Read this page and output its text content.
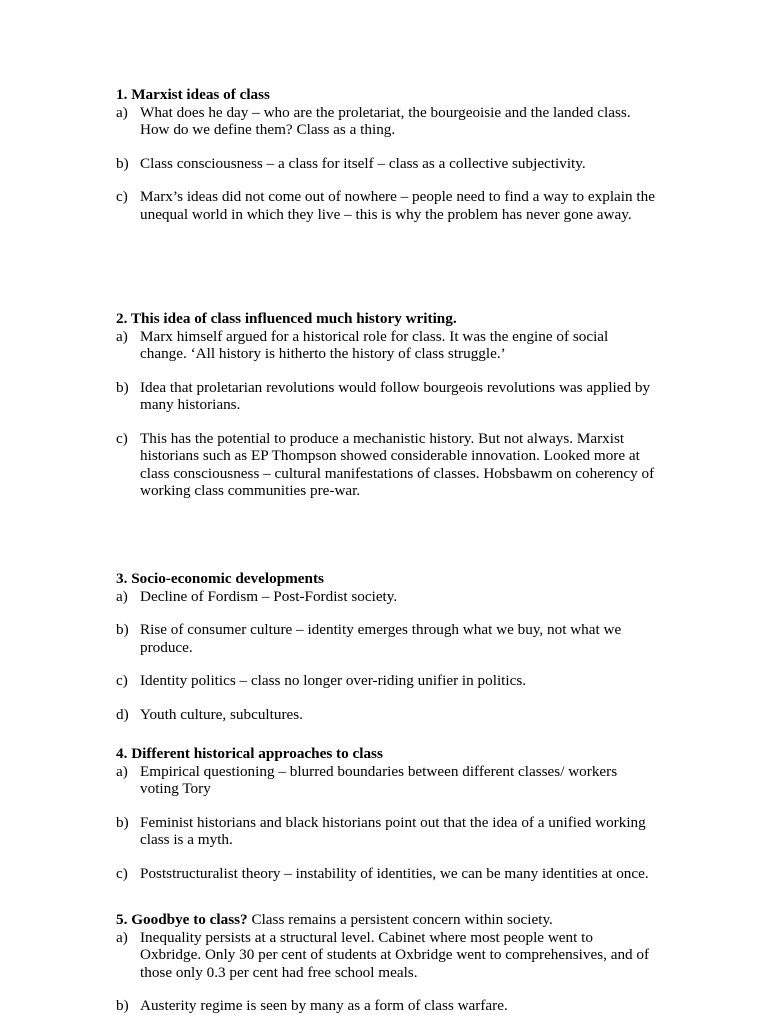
1. Marxist ideas of class

a) What does he day – who are the proletariat, the bourgeoisie and the landed class. How do we define them? Class as a thing.
b) Class consciousness – a class for itself – class as a collective subjectivity.
c) Marx’s ideas did not come out of nowhere – people need to find a way to explain the unequal world in which they live – this is why the problem has never gone away.

2. This idea of class influenced much history writing.

a) Marx himself argued for a historical role for class. It was the engine of social change. ‘All history is hitherto the history of class struggle.’
b) Idea that proletarian revolutions would follow bourgeois revolutions was applied by many historians.
c) This has the potential to produce a mechanistic history. But not always. Marxist historians such as EP Thompson showed considerable innovation. Looked more at class consciousness – cultural manifestations of classes. Hobsbawm on coherency of working class communities pre-war.

3. Socio-economic developments

a) Decline of Fordism – Post-Fordist society.
b) Rise of consumer culture – identity emerges through what we buy, not what we produce.
c) Identity politics – class no longer over-riding unifier in politics.
d) Youth culture, subcultures.

4. Different historical approaches to class

a) Empirical questioning – blurred boundaries between different classes/ workers voting Tory
b) Feminist historians and black historians point out that the idea of a unified working class is a myth.
c) Poststructuralist theory – instability of identities, we can be many identities at once.

5. Goodbye to class? Class remains a persistent concern within society.

a) Inequality persists at a structural level. Cabinet where most people went to Oxbridge. Only 30 per cent of students at Oxbridge went to comprehensives, and of those only 0.3 per cent had free school meals.
b) Austerity regime is seen by many as a form of class warfare.
